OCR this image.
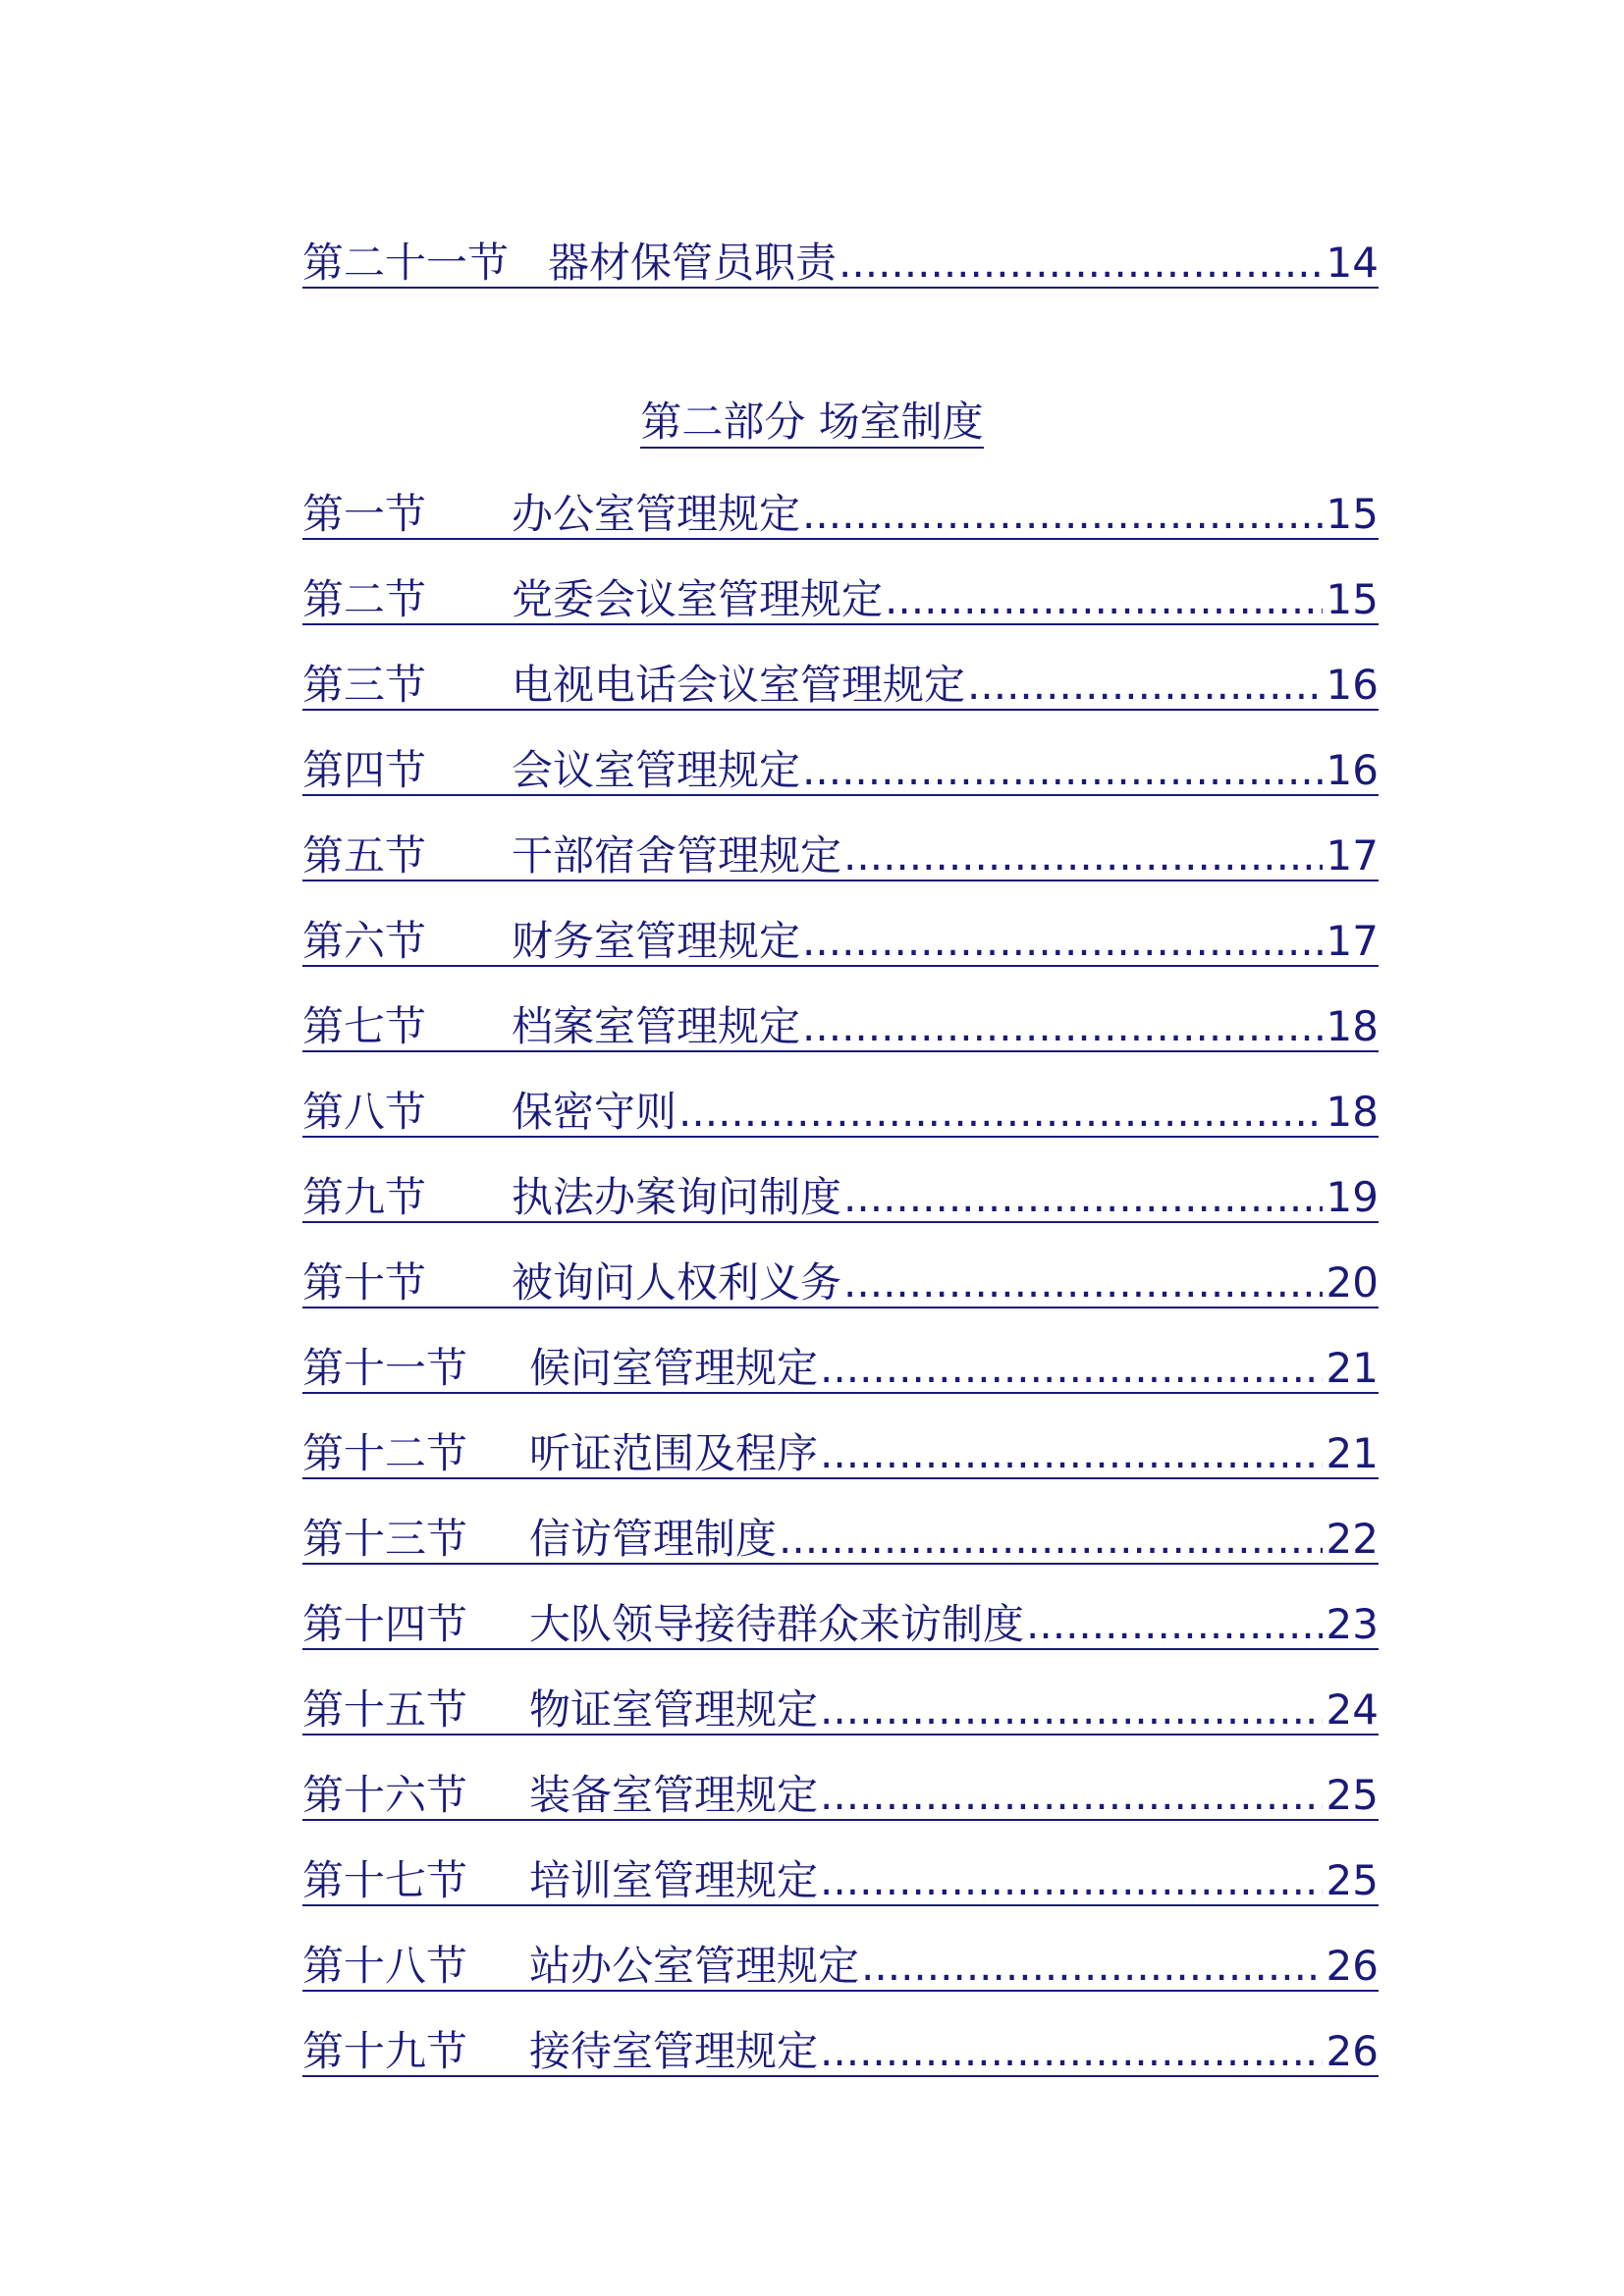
第二十一节 器材保管员职责 .....	14
第二部分 场室制度
第一节	办公室管理规定 .....	15
第二节	党委会议室管理规定 .....	15
第三节	电视电话会议室管理规定 .....	16
第四节	会议室管理规定 .....	16
第五节	干部宿舍管理规定 .....	17
第六节	财务室管理规定 .....	17
第七节	档案室管理规定 .....	18
第八节	保密守则 .....	18
第九节	执法办案询问制度 .....	19
第十节	被询问人权利义务 .....	20
第十一节	候问室管理规定 .....	21
第十二节	听证范围及程序 .....	21
第十三节	信访管理制度 .....	22
第十四节	大队领导接待群众来访制度 .....	23
第十五节	物证室管理规定 .....	24
第十六节	装备室管理规定 .....	25
第十七节	培训室管理规定 .....	25
第十八节	站办公室管理规定 .....	26
第十九节	接待室管理规定 .....	26
